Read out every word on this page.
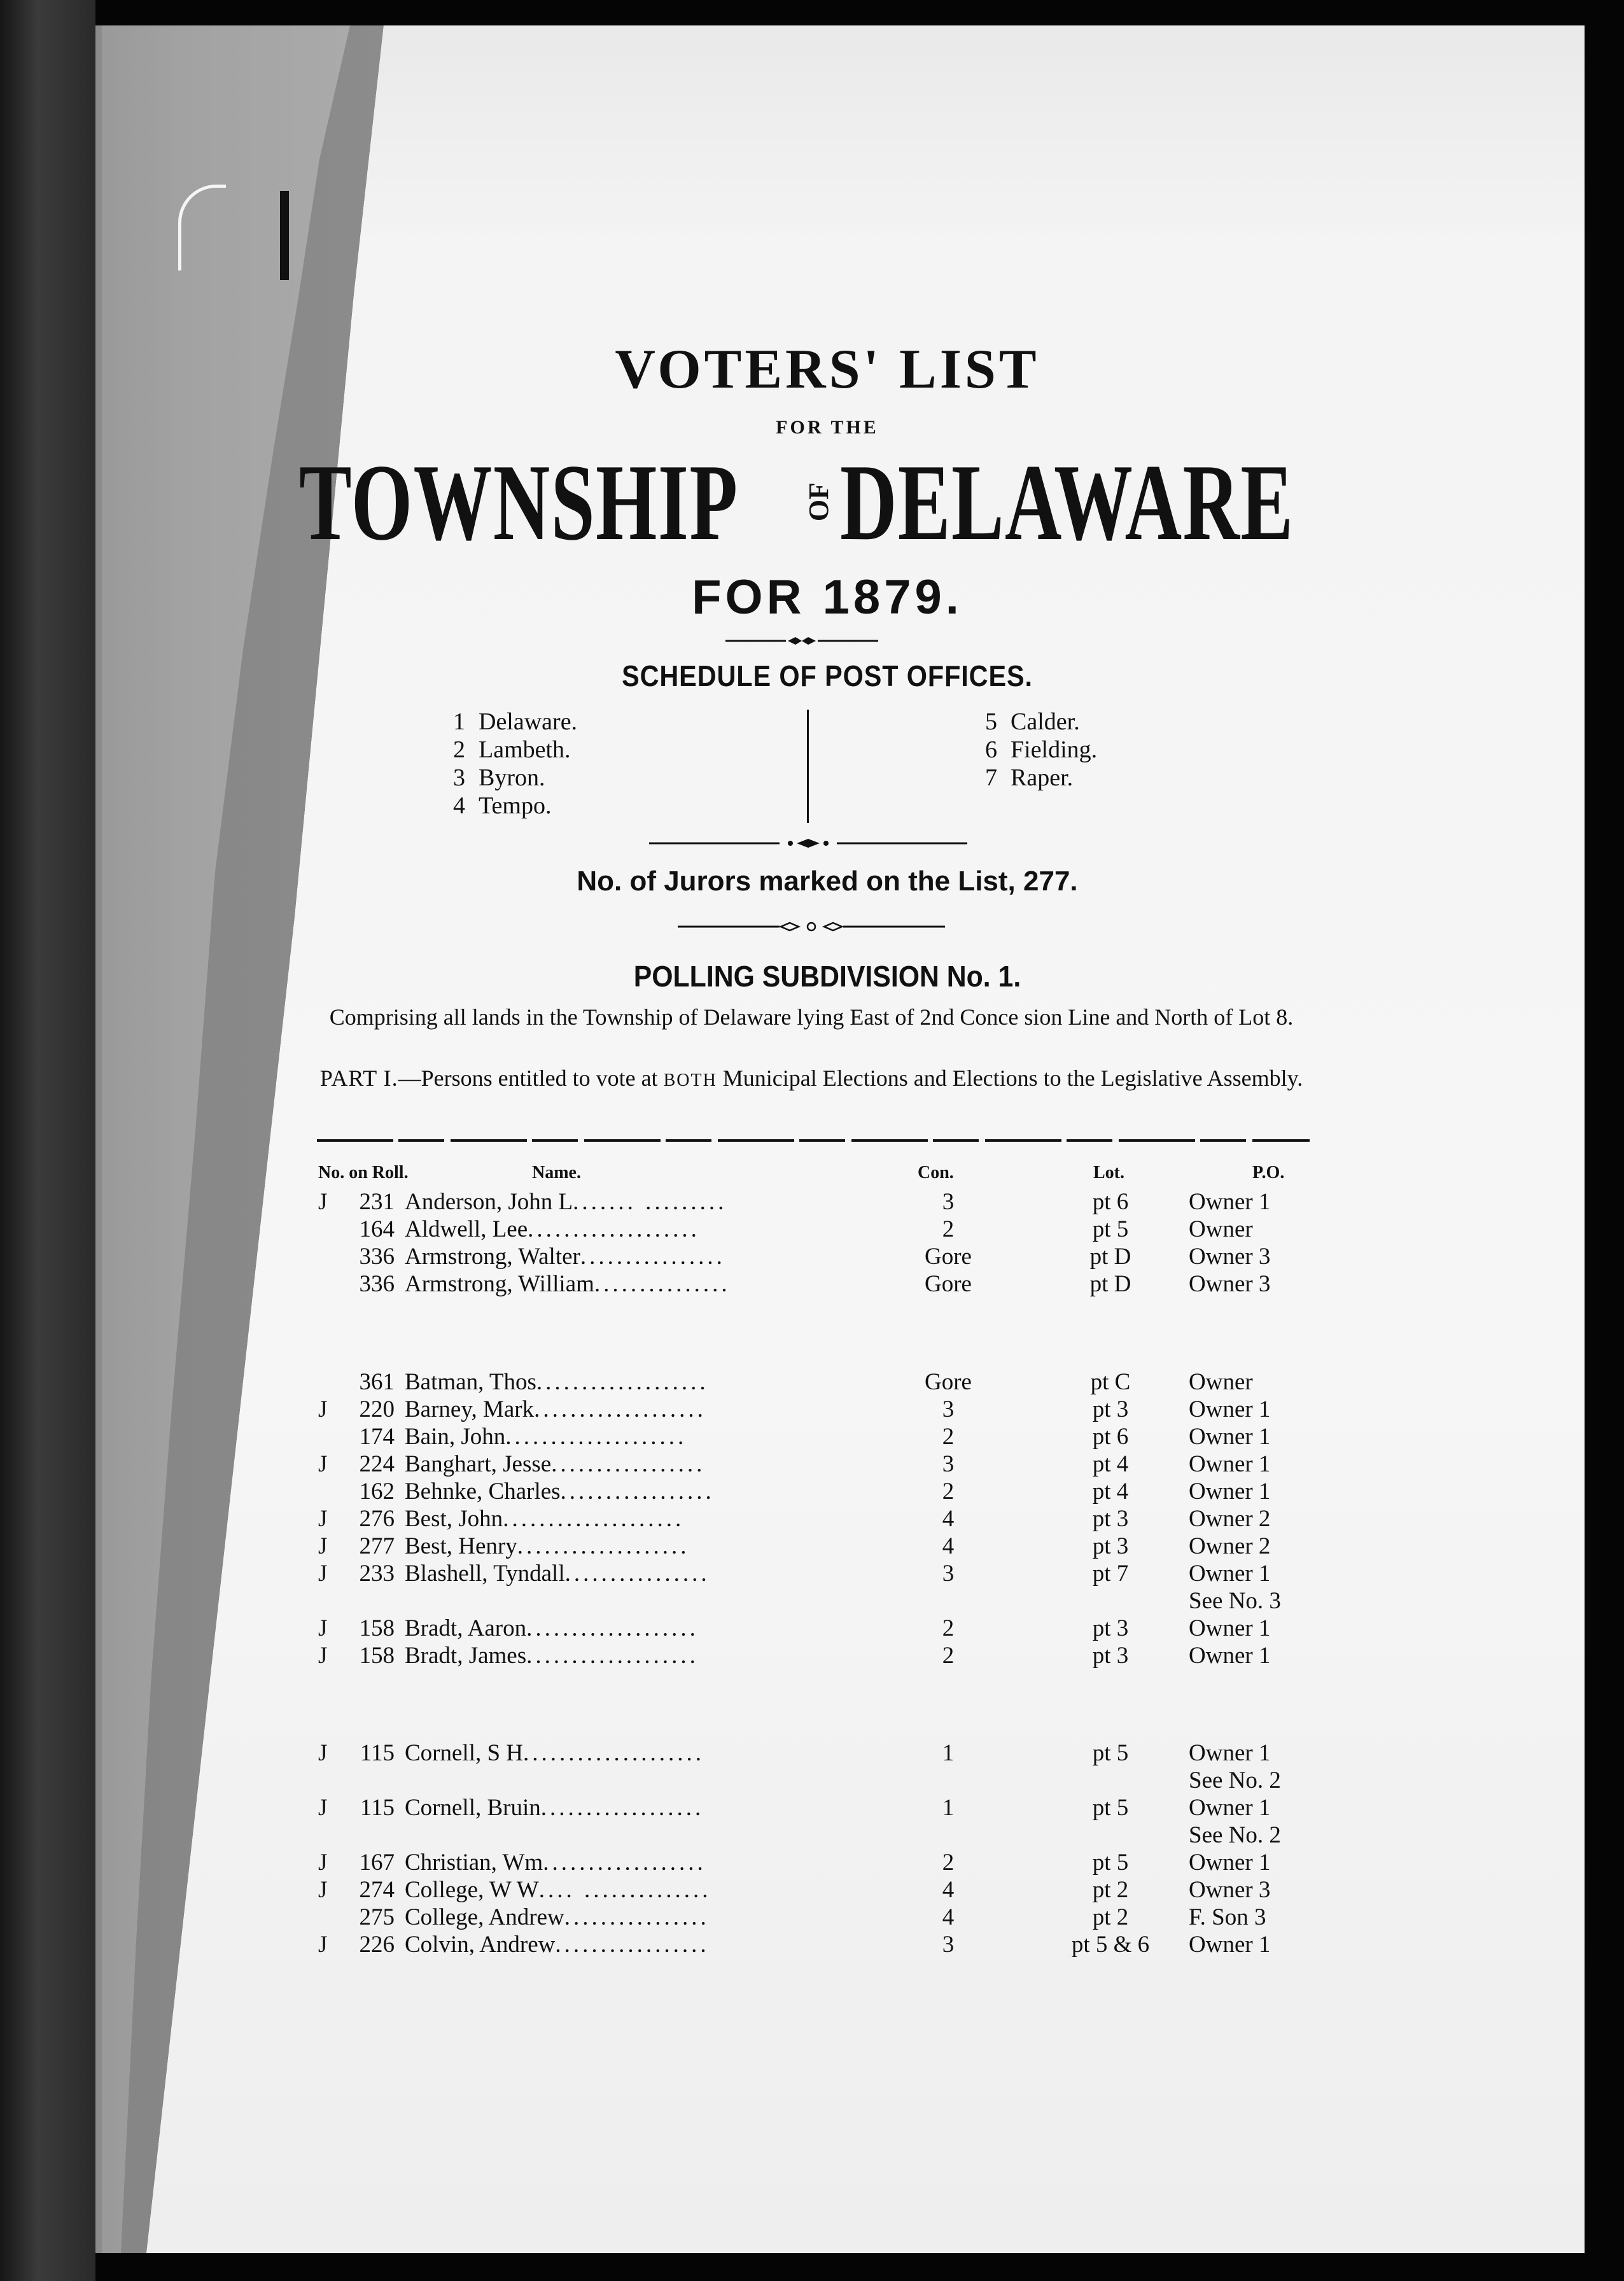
VOTERS' LIST
FOR THE
TOWNSHIP OF DELAWARE
FOR 1879.
SCHEDULE OF POST OFFICES.
1 Delaware.
2 Lambeth.
3 Byron.
4 Tempo.
5 Calder.
6 Fielding.
7 Raper.
No. of Jurors marked on the List, 277.
POLLING SUBDIVISION No. 1.
Comprising all lands in the Township of Delaware lying East of 2nd Conce sion Line and North of Lot 8.
PART I.—Persons entitled to vote at BOTH Municipal Elections and Elections to the Legislative Assembly.
No. on Roll.	Name.	Con.	Lot.	P.O.
J	231 Anderson, John L....... .........	3	pt 6	Owner 1
164 Aldwell, Lee...................	2	pt 5	Owner
336 Armstrong, Walter................	Gore	pt D	Owner 3
336 Armstrong, William...............	Gore	pt D	Owner 3
361 Batman, Thos...................	Gore	pt C	Owner
J	220 Barney, Mark...................	3	pt 3	Owner 1
174 Bain, John....................	2	pt 6	Owner 1
J	224 Banghart, Jesse.................	3	pt 4	Owner 1
162 Behnke, Charles.................	2	pt 4	Owner 1
J	276 Best, John....................	4	pt 3	Owner 2
J	277 Best, Henry...................	4	pt 3	Owner 2
J	233 Blashell, Tyndall................	3	pt 7	Owner 1
See No. 3
J	158 Bradt, Aaron...................	2	pt 3	Owner 1
J	158 Bradt, James...................	2	pt 3	Owner 1
J	115 Cornell, S H....................	1	pt 5	Owner 1
See No. 2
J	115 Cornell, Bruin..................	1	pt 5	Owner 1
See No. 2
J	167 Christian, Wm..................	2	pt 5	Owner 1
J	274 College, W W.... ..............	4	pt 2	Owner 3
275 College, Andrew................	4	pt 2	F. Son 3
J	226 Colvin, Andrew.................	3	pt 5 & 6	Owner 1
